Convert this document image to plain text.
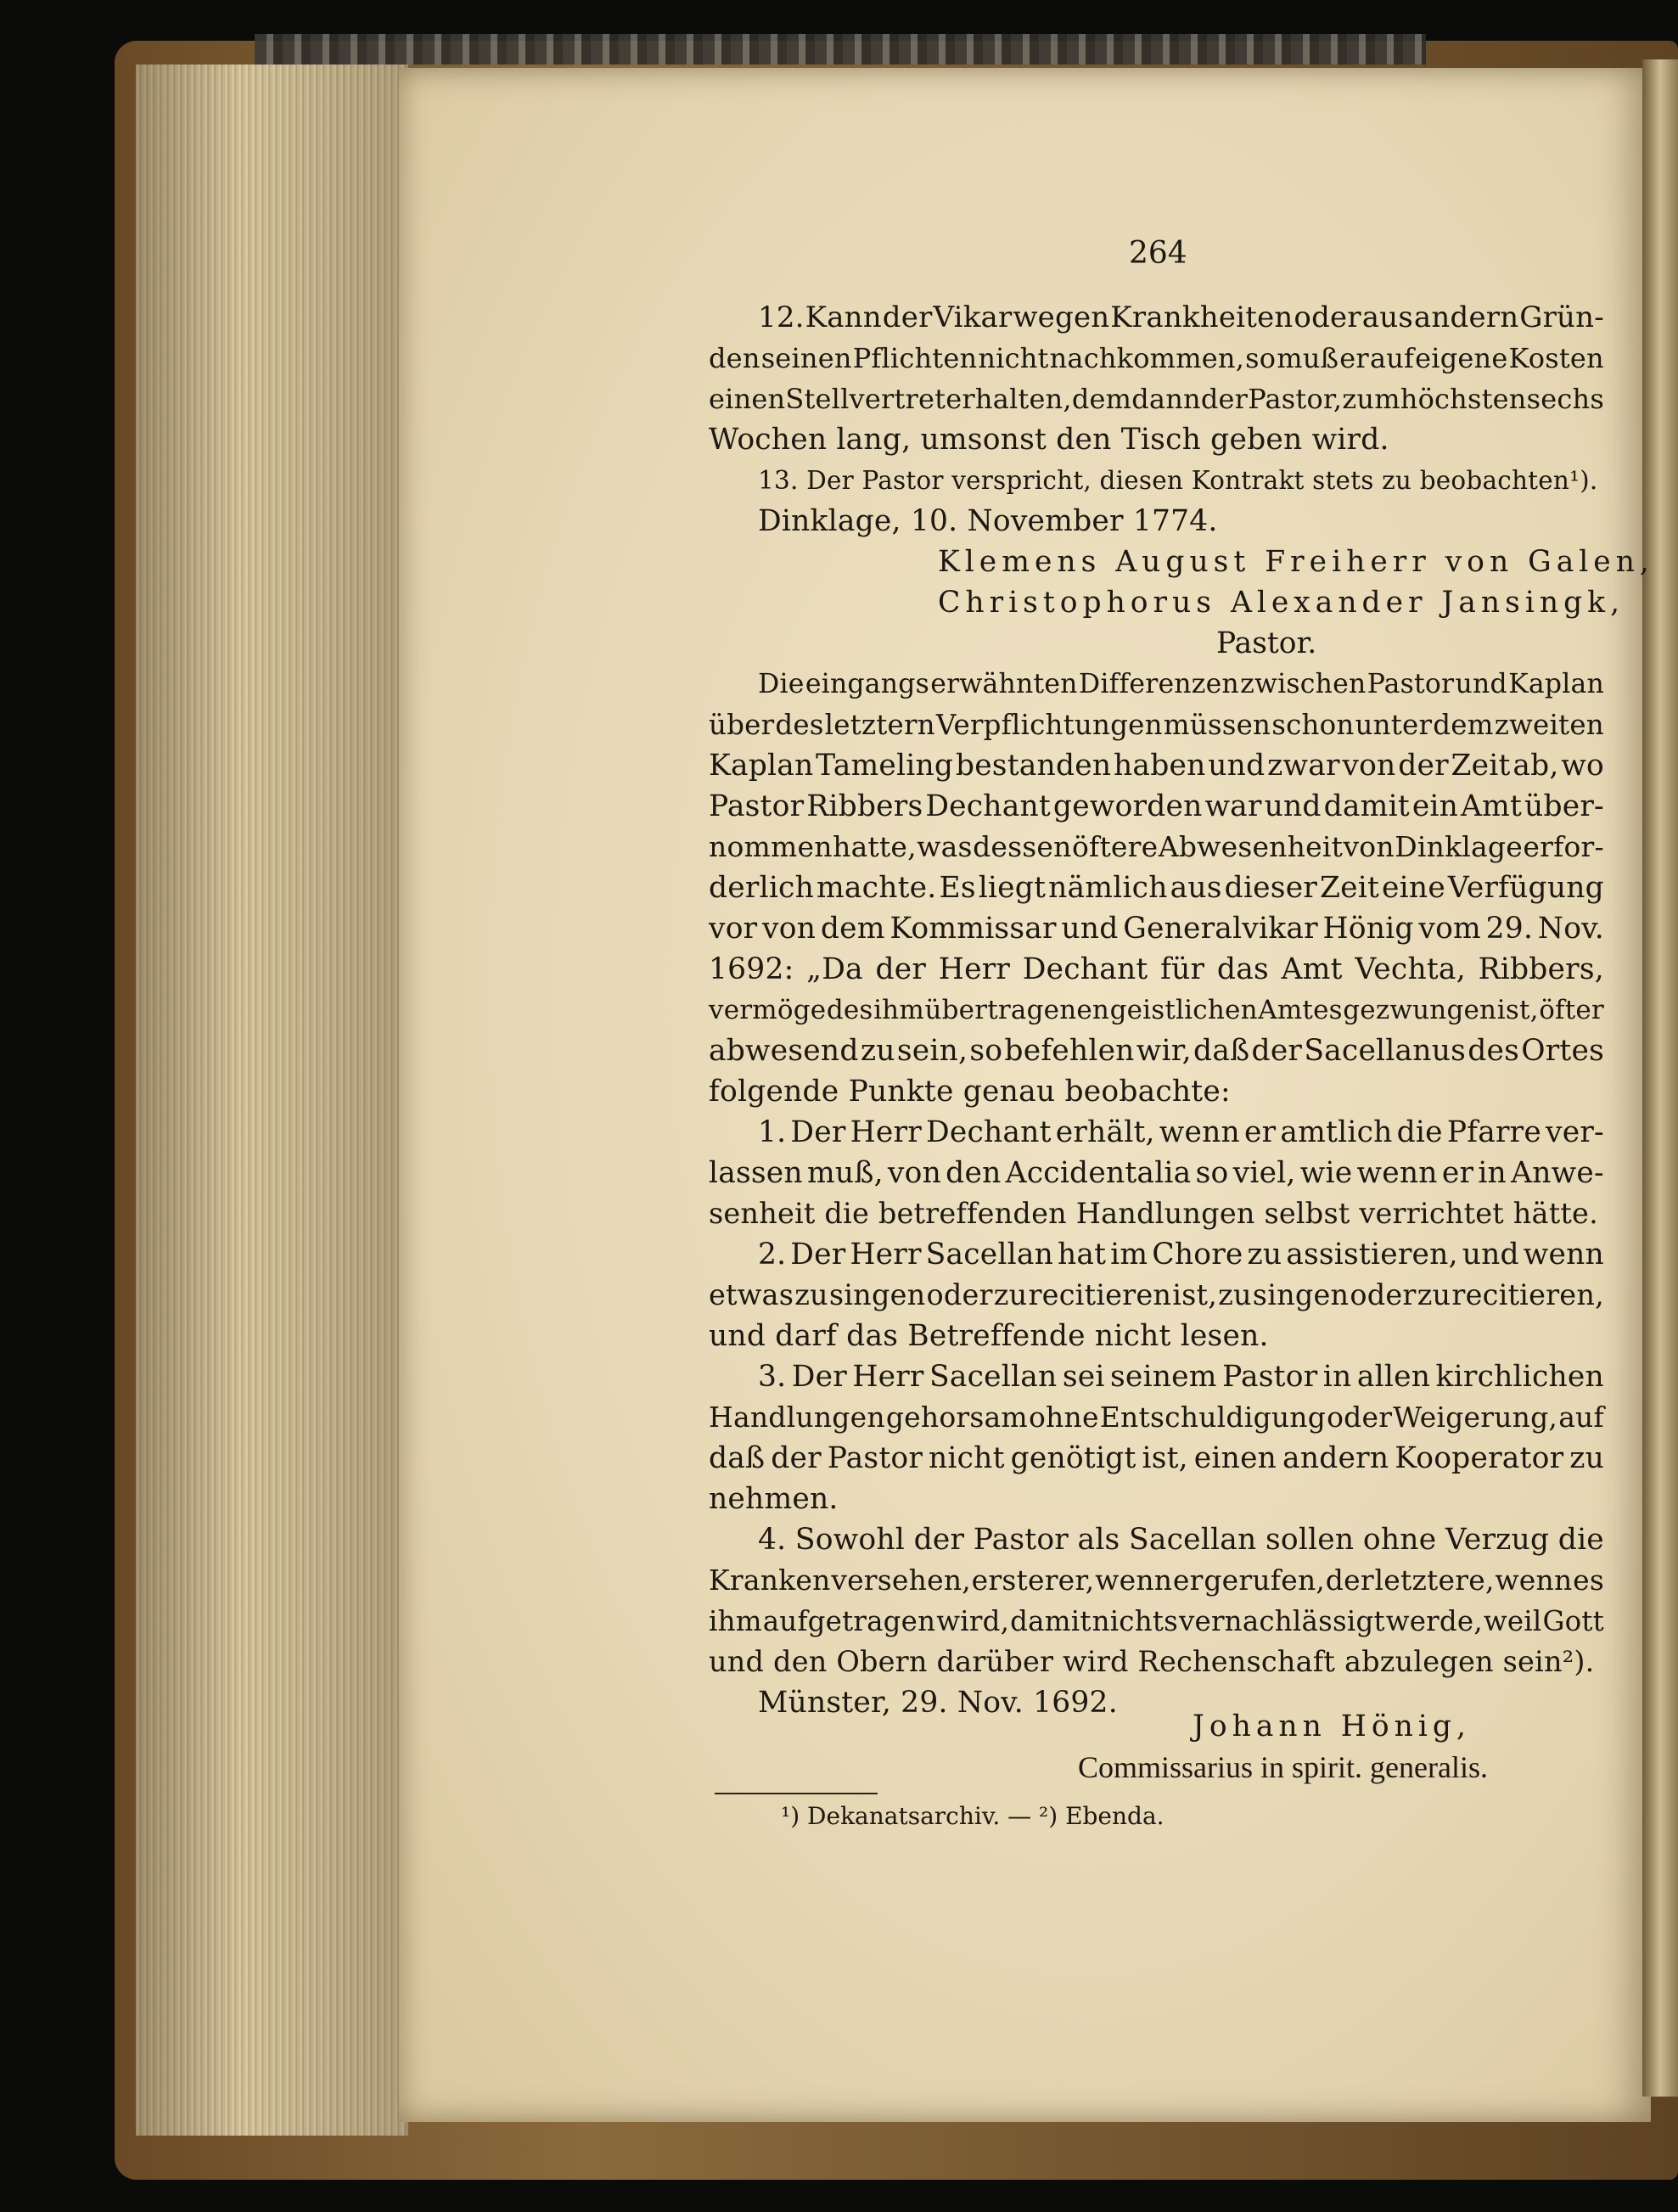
264
12. Kann der Vikar wegen Krankheiten oder aus andern Grün-
den seinen Pflichten nicht nachkommen, so muß er auf eigene Kosten
einen Stellvertreter halten, dem dann der Pastor, zum höchsten sechs
Wochen lang, umsonst den Tisch geben wird.
13. Der Pastor verspricht, diesen Kontrakt stets zu beobachten¹).
Dinklage, 10. November 1774.
Klemens August Freiherr von Galen,
Christophorus Alexander Jansingk,
Pastor.
Die eingangs erwähnten Differenzen zwischen Pastor und Kaplan
über des letztern Verpflichtungen müssen schon unter dem zweiten
Kaplan Tameling bestanden haben und zwar von der Zeit ab, wo
Pastor Ribbers Dechant geworden war und damit ein Amt über-
nommen hatte, was dessen öftere Abwesenheit von Dinklage erfor-
derlich machte. Es liegt nämlich aus dieser Zeit eine Verfügung
vor von dem Kommissar und Generalvikar Hönig vom 29. Nov.
1692: „Da der Herr Dechant für das Amt Vechta, Ribbers,
vermöge des ihm übertragenen geistlichen Amtes gezwungen ist, öfter
abwesend zu sein, so befehlen wir, daß der Sacellanus des Ortes
folgende Punkte genau beobachte:
1. Der Herr Dechant erhält, wenn er amtlich die Pfarre ver-
lassen muß, von den Accidentalia so viel, wie wenn er in Anwe-
senheit die betreffenden Handlungen selbst verrichtet hätte.
2. Der Herr Sacellan hat im Chore zu assistieren, und wenn
etwas zu singen oder zu recitieren ist, zu singen oder zu recitieren,
und darf das Betreffende nicht lesen.
3. Der Herr Sacellan sei seinem Pastor in allen kirchlichen
Handlungen gehorsam ohne Entschuldigung oder Weigerung, auf
daß der Pastor nicht genötigt ist, einen andern Kooperator zu
nehmen.
4. Sowohl der Pastor als Sacellan sollen ohne Verzug die
Kranken versehen, ersterer, wenn er gerufen, der letztere, wenn es
ihm aufgetragen wird, damit nichts vernachlässigt werde, weil Gott
und den Obern darüber wird Rechenschaft abzulegen sein²).
Münster, 29. Nov. 1692.
Johann Hönig,
Commissarius in spirit. generalis.
¹) Dekanatsarchiv. — ²) Ebenda.
